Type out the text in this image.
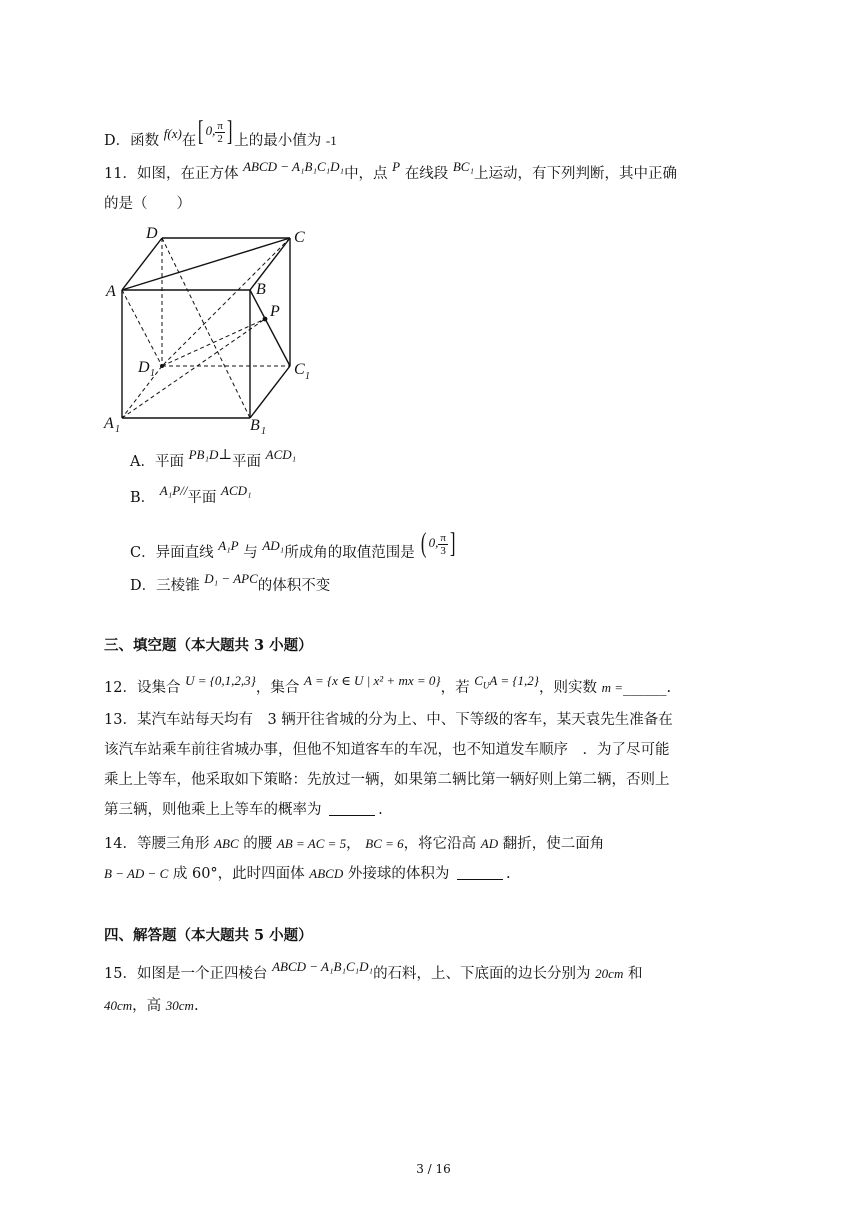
D．函数 f(x)在[ 0, $\frac{\pi}{2}$ ] 上的最小值为 -1
11．如图，在正方体 ABCD − A₁B₁C₁D₁中，点 P 在线段 BC₁上运动，有下列判断，其中正确
的是（　　）
D	C
A	B
P
D 1	C 1
A 1	B 1
A．平面 PB₁D⊥平面 ACD₁
B． A₁P//平面 ACD₁
C．异面直线 A₁P 与 AD₁所成角的取值范围是 ( 0, $\frac{\pi}{3}$ ]
D．三棱锥 D₁ − APC的体积不变
三、填空题（本大题共 3 小题）
12．设集合 U = {0,1,2,3}，集合 A = {x ∈ U | x² + mx = 0}，若 $C_UA = \{1,2\}$，则实数 m =______.
13．某汽车站每天均有　3 辆开往省城的分为上、中、下等级的客车，某天袁先生准备在
该汽车站乘车前往省城办事，但他不知道客车的车况，也不知道发车顺序　．为了尽可能
乘上上等车，他采取如下策略：先放过一辆，如果第二辆比第一辆好则上第二辆，否则上
第三辆，则他乘上上等车的概率为	.
14．等腰三角形 ABC 的腰 AB = AC = 5， BC = 6，将它沿高 AD 翻折，使二面角
B − AD − C 成 60°，此时四面体 ABCD 外接球的体积为	.
四、解答题（本大题共 5 小题）
15．如图是一个正四棱台 ABCD − A₁B₁C₁D₁的石料，上、下底面的边长分别为 20cm 和
40cm，高 30cm.
3 / 16
